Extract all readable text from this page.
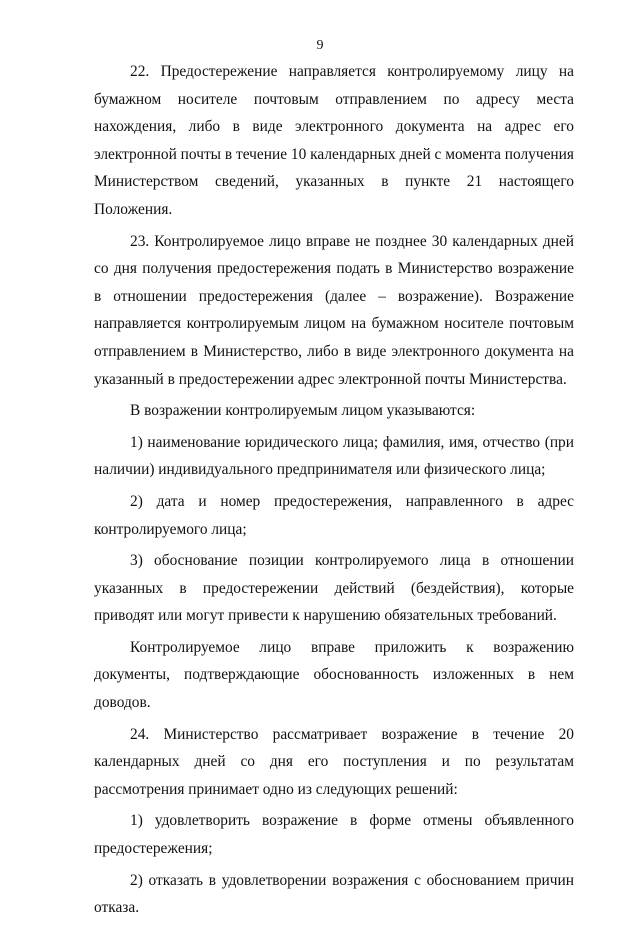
9

22. Предостережение направляется контролируемому лицу на бумажном носителе почтовым отправлением по адресу места нахождения, либо в виде электронного документа на адрес его электронной почты в течение 10 календарных дней с момента получения Министерством сведений, указанных в пункте 21 настоящего Положения.

23. Контролируемое лицо вправе не позднее 30 календарных дней со дня получения предостережения подать в Министерство возражение в отношении предостережения (далее – возражение). Возражение направляется контролируемым лицом на бумажном носителе почтовым отправлением в Министерство, либо в виде электронного документа на указанный в предостережении адрес электронной почты Министерства.

В возражении контролируемым лицом указываются:

1) наименование юридического лица; фамилия, имя, отчество (при наличии) индивидуального предпринимателя или физического лица;

2) дата и номер предостережения, направленного в адрес контролируемого лица;

3) обоснование позиции контролируемого лица в отношении указанных в предостережении действий (бездействия), которые приводят или могут привести к нарушению обязательных требований.

Контролируемое лицо вправе приложить к возражению документы, подтверждающие обоснованность изложенных в нем доводов.

24. Министерство рассматривает возражение в течение 20 календарных дней со дня его поступления и по результатам рассмотрения принимает одно из следующих решений:

1) удовлетворить возражение в форме отмены объявленного предостережения;

2) отказать в удовлетворении возражения с обоснованием причин отказа.
